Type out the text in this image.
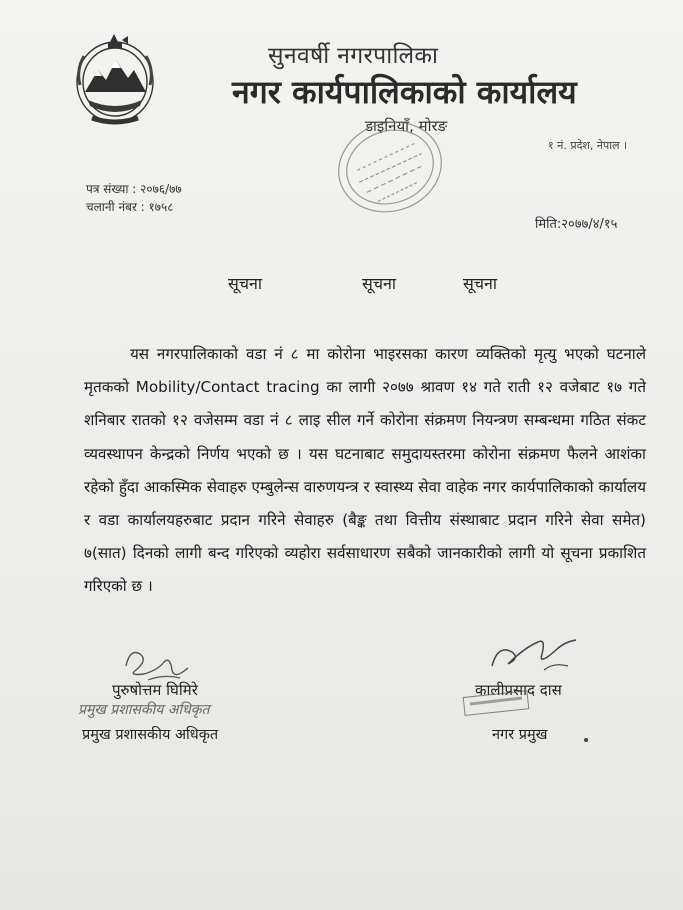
सुनवर्षी नगरपालिका
नगर कार्यपालिकाको कार्यालय
डाइनियाँ, मोरङ
१ नं. प्रदेश, नेपाल ।
पत्र संख्या : २०७६/७७
चलानी नंबर : १७५८
मिति:२०७७/४/१५
सूचना	सूचना	सूचना
यस नगरपालिकाको वडा नं ८ मा कोरोना भाइरसका कारण व्यक्तिको मृत्यु भएको घटनाले मृतकको Mobility/Contact tracing का लागी २०७७ श्रावण १४ गते राती १२ वजेबाट १७ गते शनिबार रातको १२ वजेसम्म वडा नं ८ लाइ सील गर्ने कोरोना संक्रमण नियन्त्रण सम्बन्धमा गठित संकट व्यवस्थापन केन्द्रको निर्णय भएको छ । यस घटनाबाट समुदायस्तरमा कोरोना संक्रमण फैलने आशंका रहेको हुँदा आकस्मिक सेवाहरु एम्बुलेन्स वारुणयन्त्र र स्वास्थ्य सेवा वाहेक नगर कार्यपालिकाको कार्यालय र वडा कार्यालयहरुबाट प्रदान गरिने सेवाहरु (बैङ्क तथा वित्तीय संस्थाबाट प्रदान गरिने सेवा समेत) ७(सात) दिनको लागी बन्द गरिएको व्यहोरा सर्वसाधारण सबैको जानकारीको लागी यो सूचना प्रकाशित गरिएको छ ।
पुरुषोत्तम घिमिरे
प्रमुख प्रशासकीय अधिकृत
प्रमुख प्रशासकीय अधिकृत
कालीप्रसाद दास
नगर प्रमुख
